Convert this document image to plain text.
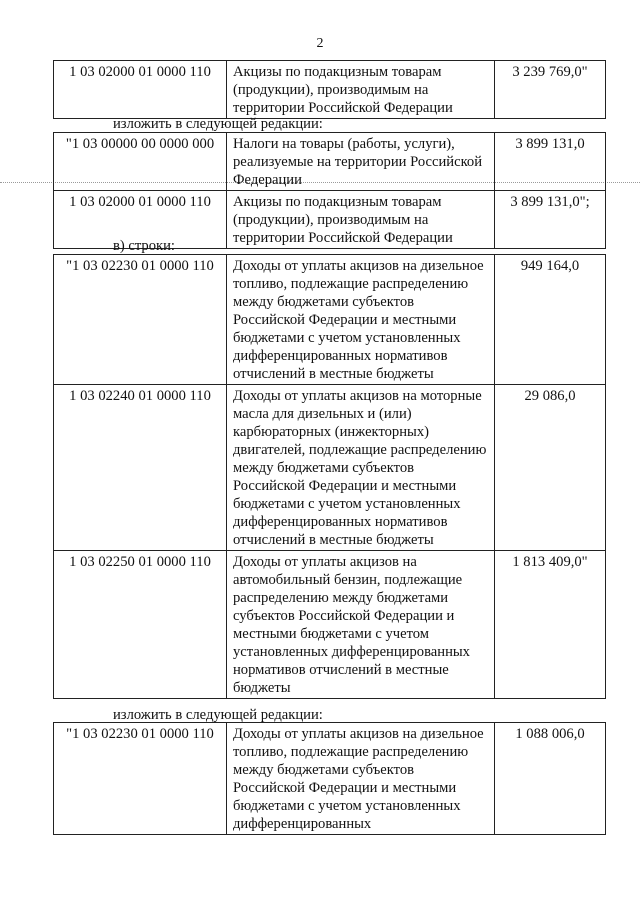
2
1 03 02000 01 0000 110	Акцизы по подакцизным товарам (продукции), производимым на территории Российской Федерации	3 239 769,0"
изложить в следующей редакции:
"1 03 00000 00 0000 000	Налоги на товары (работы, услуги), реализуемые на территории Российской Федерации	3 899 131,0
1 03 02000 01 0000 110	Акцизы по подакцизным товарам (продукции), производимым на территории Российской Федерации	3 899 131,0";
в) строки:
"1 03 02230 01 0000 110	Доходы от уплаты акцизов на дизельное топливо, подлежащие распределению между бюджетами субъектов Российской Федерации и местными бюджетами с учетом установленных дифференцированных нормативов отчислений в местные бюджеты	949 164,0
1 03 02240 01 0000 110	Доходы от уплаты акцизов на моторные масла для дизельных и (или) карбюраторных (инжекторных) двигателей, подлежащие распределению между бюджетами субъектов Российской Федерации и местными бюджетами с учетом установленных дифференцированных нормативов отчислений в местные бюджеты	29 086,0
1 03 02250 01 0000 110	Доходы от уплаты акцизов на автомобильный бензин, подлежащие распределению между бюджетами субъектов Российской Федерации и местными бюджетами с учетом установленных дифференцированных нормативов отчислений в местные бюджеты	1 813 409,0"
изложить в следующей редакции:
"1 03 02230 01 0000 110	Доходы от уплаты акцизов на дизельное топливо, подлежащие распределению между бюджетами субъектов Российской Федерации и местными бюджетами с учетом установленных дифференцированных	1 088 006,0
